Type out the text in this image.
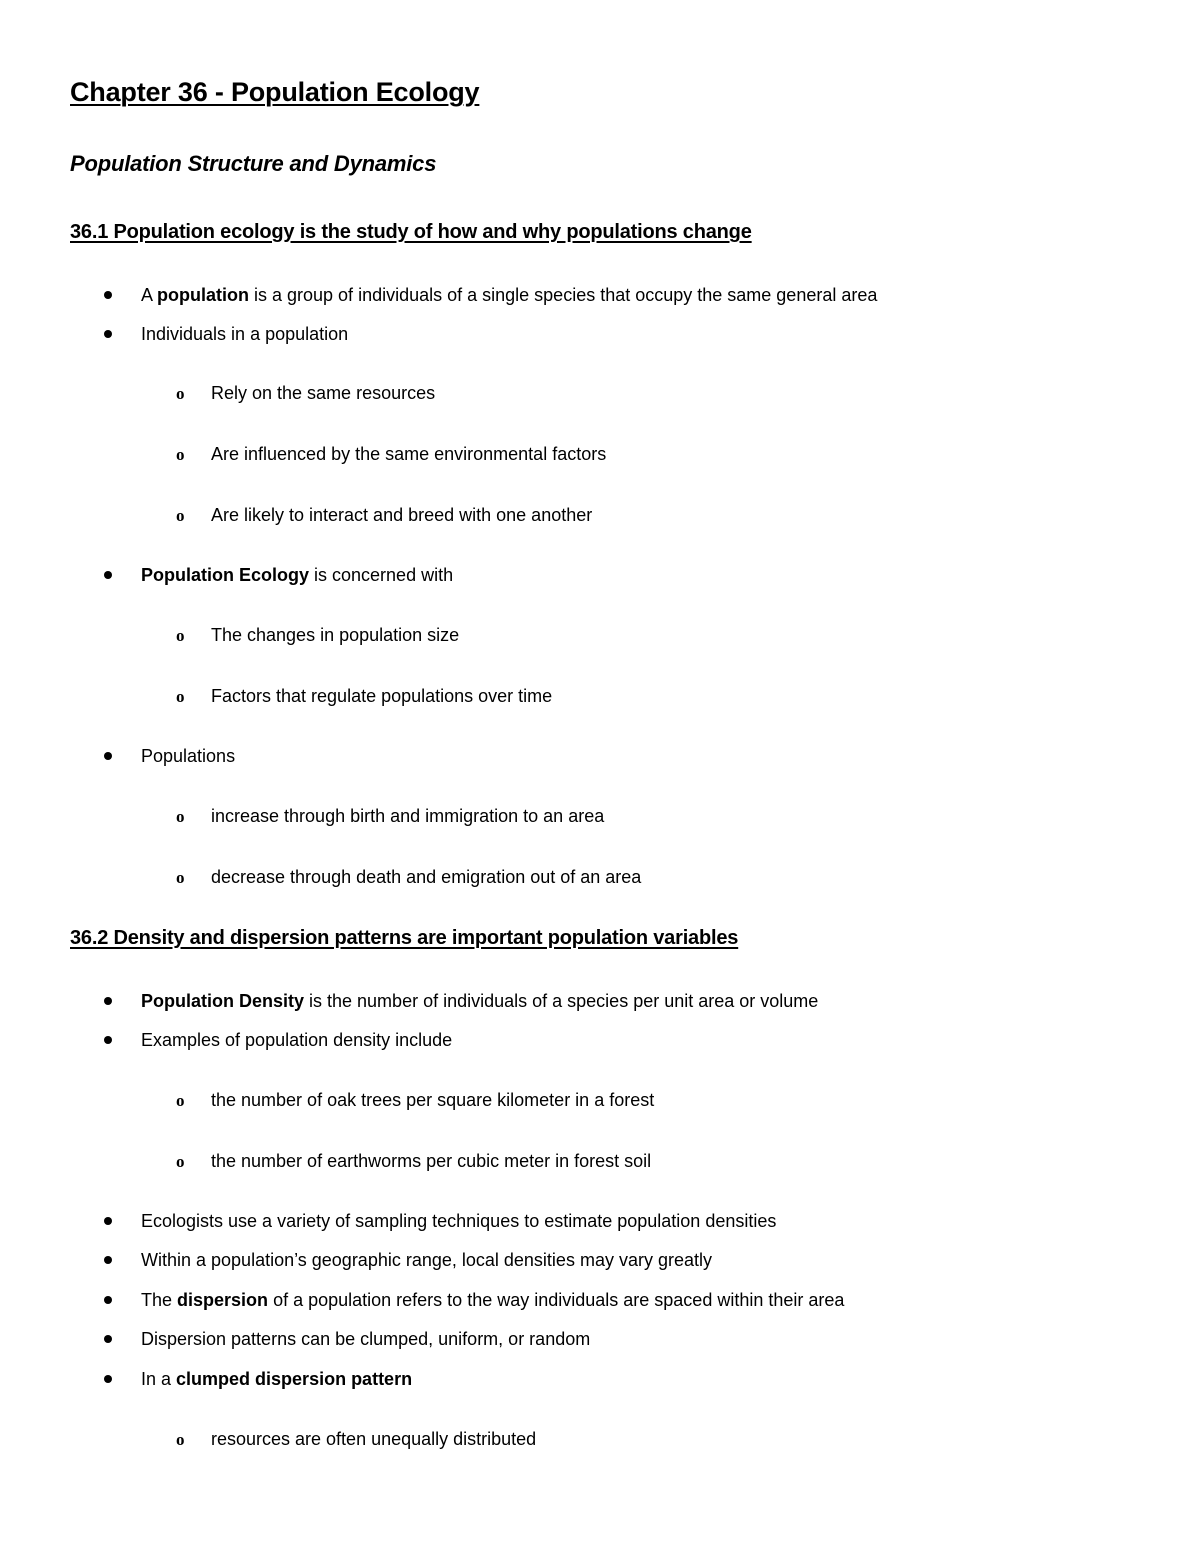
Chapter 36 - Population Ecology
Population Structure and Dynamics
36.1 Population ecology is the study of how and why populations change
A population is a group of individuals of a single species that occupy the same general area
Individuals in a population
o Rely on the same resources
o Are influenced by the same environmental factors
o Are likely to interact and breed with one another
Population Ecology is concerned with
o The changes in population size
o Factors that regulate populations over time
Populations
o increase through birth and immigration to an area
o decrease through death and emigration out of an area
36.2 Density and dispersion patterns are important population variables
Population Density is the number of individuals of a species per unit area or volume
Examples of population density include
o the number of oak trees per square kilometer in a forest
o the number of earthworms per cubic meter in forest soil
Ecologists use a variety of sampling techniques to estimate population densities
Within a population’s geographic range, local densities may vary greatly
The dispersion of a population refers to the way individuals are spaced within their area
Dispersion patterns can be clumped, uniform, or random
In a clumped dispersion pattern
o resources are often unequally distributed
